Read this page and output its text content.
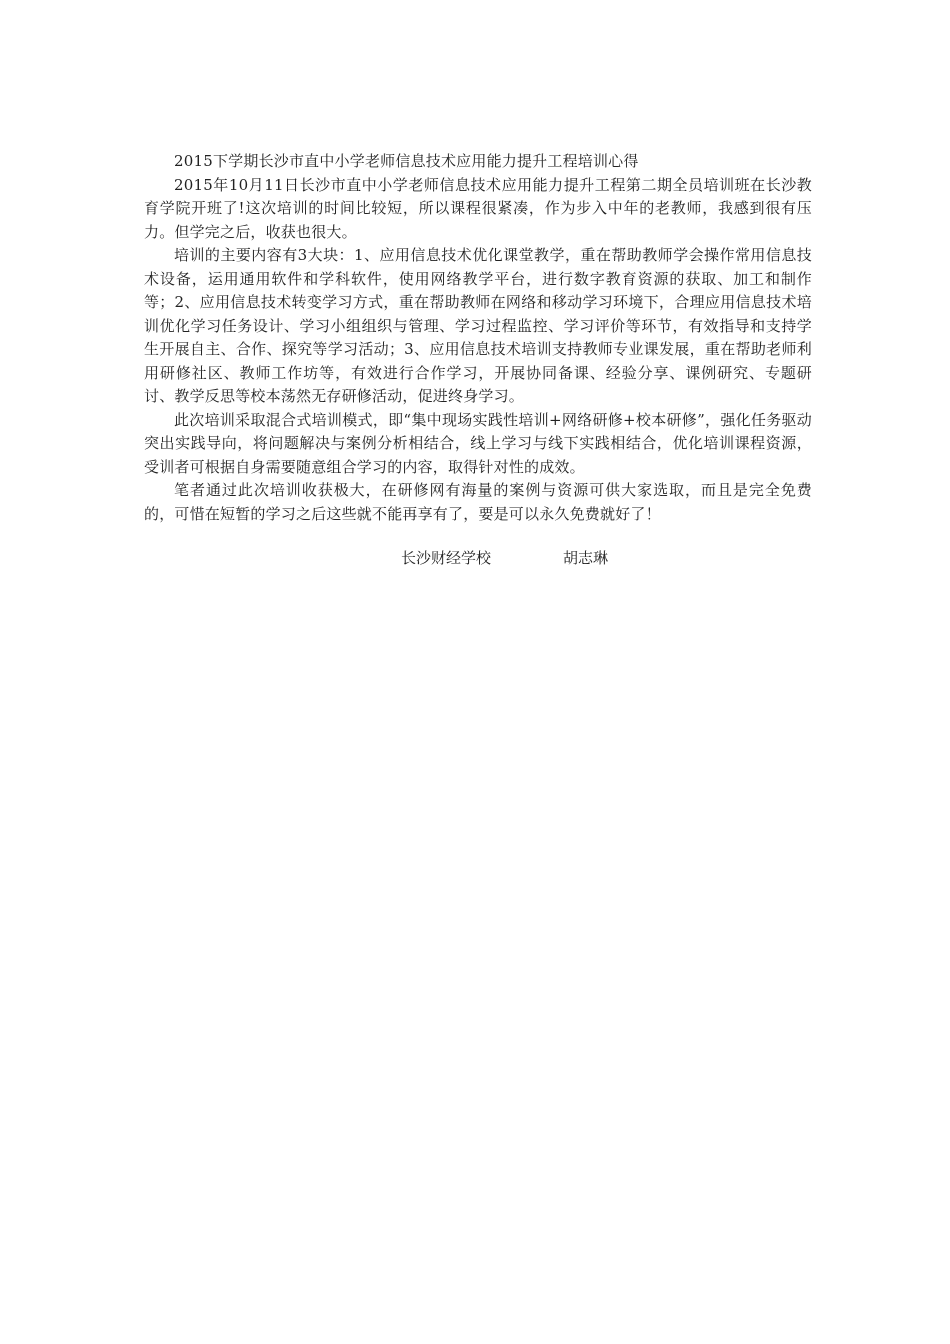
2015下学期长沙市直中小学老师信息技术应用能力提升工程培训心得

2015年10月11日长沙市直中小学老师信息技术应用能力提升工程第二期全员培训班在长沙教育学院开班了!这次培训的时间比较短，所以课程很紧凑，作为步入中年的老教师，我感到很有压力。但学完之后，收获也很大。

培训的主要内容有3大块：1、应用信息技术优化课堂教学，重在帮助教师学会操作常用信息技术设备，运用通用软件和学科软件，使用网络教学平台，进行数字教育资源的获取、加工和制作等；2、应用信息技术转变学习方式，重在帮助教师在网络和移动学习环境下，合理应用信息技术培训优化学习任务设计、学习小组组织与管理、学习过程监控、学习评价等环节，有效指导和支持学生开展自主、合作、探究等学习活动；3、应用信息技术培训支持教师专业课发展，重在帮助老师利用研修社区、教师工作坊等，有效进行合作学习，开展协同备课、经验分享、课例研究、专题研讨、教学反思等校本荡然无存研修活动，促进终身学习。

此次培训采取混合式培训模式，即“集中现场实践性培训+网络研修+校本研修”，强化任务驱动突出实践导向，将问题解决与案例分析相结合，线上学习与线下实践相结合，优化培训课程资源，受训者可根据自身需要随意组合学习的内容，取得针对性的成效。

笔者通过此次培训收获极大，在研修网有海量的案例与资源可供大家选取，而且是完全免费的，可惜在短暂的学习之后这些就不能再享有了，要是可以永久免费就好了！

长沙财经学校	胡志琳
